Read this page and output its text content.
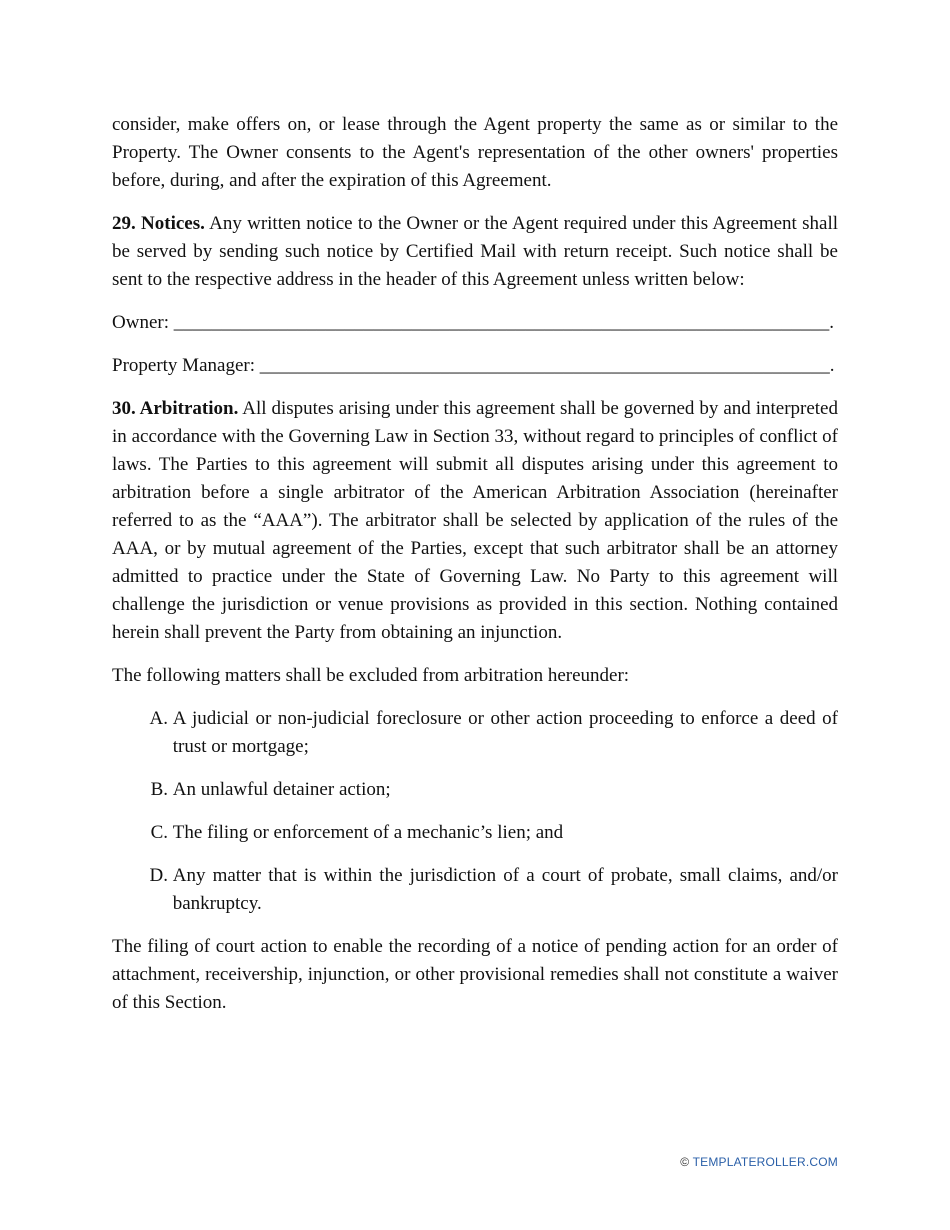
consider, make offers on, or lease through the Agent property the same as or similar to the Property. The Owner consents to the Agent's representation of the other owners' properties before, during, and after the expiration of this Agreement.

29. Notices. Any written notice to the Owner or the Agent required under this Agreement shall be served by sending such notice by Certified Mail with return receipt. Such notice shall be sent to the respective address in the header of this Agreement unless written below:

Owner: _____________________________________________________________________.
Property Manager: ____________________________________________________________.

30. Arbitration. All disputes arising under this agreement shall be governed by and interpreted in accordance with the Governing Law in Section 33, without regard to principles of conflict of laws. The Parties to this agreement will submit all disputes arising under this agreement to arbitration before a single arbitrator of the American Arbitration Association (hereinafter referred to as the “AAA”). The arbitrator shall be selected by application of the rules of the AAA, or by mutual agreement of the Parties, except that such arbitrator shall be an attorney admitted to practice under the State of Governing Law. No Party to this agreement will challenge the jurisdiction or venue provisions as provided in this section. Nothing contained herein shall prevent the Party from obtaining an injunction.

The following matters shall be excluded from arbitration hereunder:

A.
A judicial or non-judicial foreclosure or other action proceeding to enforce a deed of trust or mortgage;
B.
An unlawful detainer action;
C.
The filing or enforcement of a mechanic’s lien; and
D.
Any matter that is within the jurisdiction of a court of probate, small claims, and/or bankruptcy.

The filing of court action to enable the recording of a notice of pending action for an order of attachment, receivership, injunction, or other provisional remedies shall not constitute a waiver of this Section.

© TEMPLATEROLLER.COM
